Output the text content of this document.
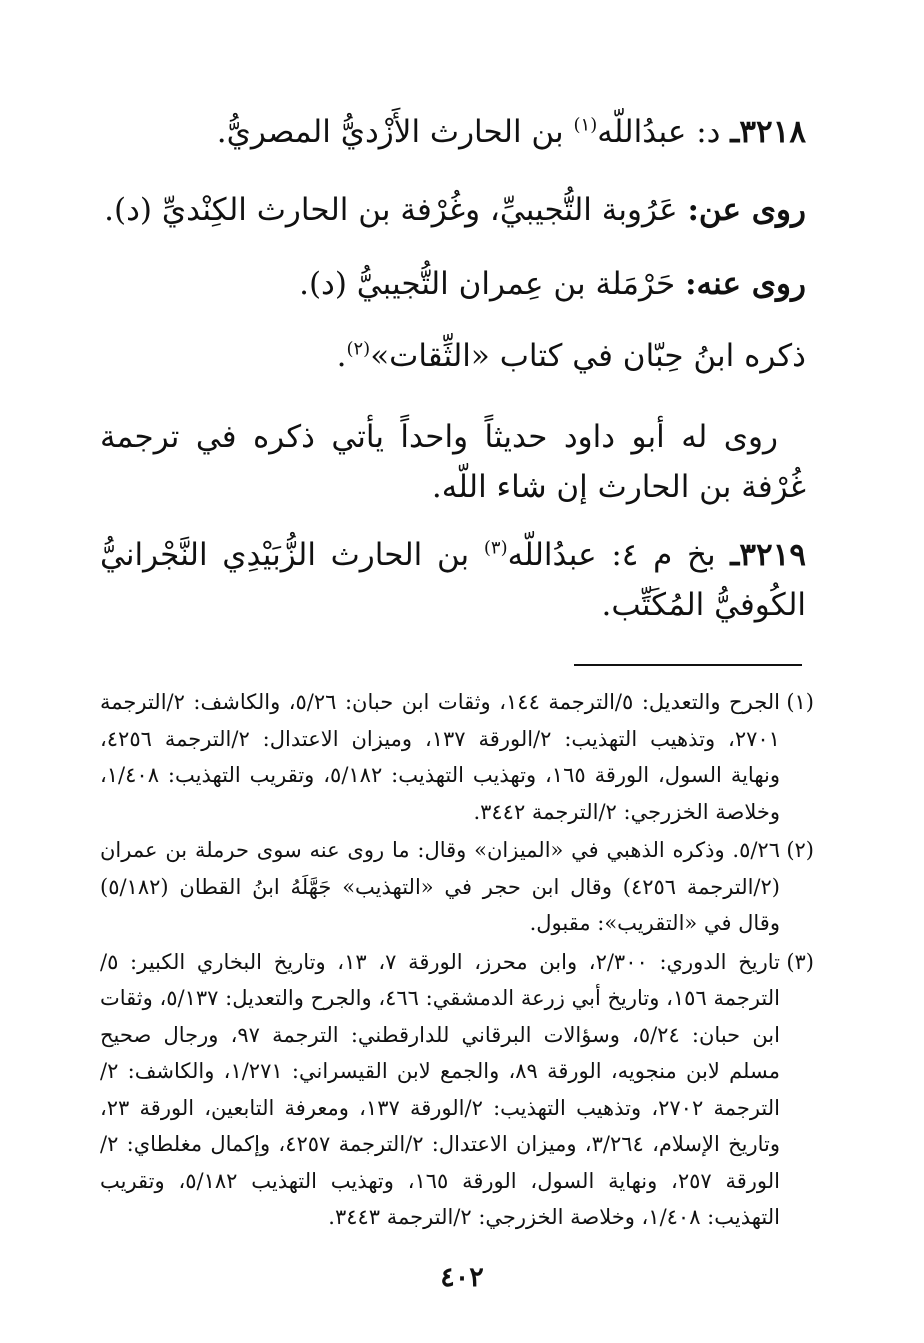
٣٢١٨ـ د: عبدُاللّه$^{(١)}$ بن الحارث الأَزْديُّ المصريُّ.
روى عن: عَرُوبة التُّجيبيِّ، وغُرْفة بن الحارث الكِنْديِّ (د).
روى عنه: حَرْمَلة بن عِمران التُّجيبيُّ (د).
ذكره ابنُ حِبّان في كتاب «الثِّقات»$^{(٢)}$.
روى له أبو داود حديثاً واحداً يأتي ذكره في ترجمة غُرْفة بن الحارث إن شاء اللّه.
٣٢١٩ـ بخ م ٤: عبدُاللّه$^{(٣)}$ بن الحارث الزُّبَيْدِي النَّجْرانيُّ الكُوفيُّ المُكَتِّب.
(١)
الجرح والتعديل: ٥/الترجمة ١٤٤، وثقات ابن حبان: ٥/٢٦، والكاشف: ٢/الترجمة ٢٧٠١، وتذهيب التهذيب: ٢/الورقة ١٣٧، وميزان الاعتدال: ٢/الترجمة ٤٢٥٦، ونهاية السول، الورقة ١٦٥، وتهذيب التهذيب: ٥/١٨٢، وتقريب التهذيب: ١/٤٠٨، وخلاصة الخزرجي: ٢/الترجمة ٣٤٤٢.
(٢)
٥/٢٦. وذكره الذهبي في «الميزان» وقال: ما روى عنه سوى حرملة بن عمران (٢/الترجمة ٤٢٥٦) وقال ابن حجر في «التهذيب» جَهَّلَهُ ابنُ القطان (٥/١٨٢) وقال في «التقريب»: مقبول.
(٣)
تاريخ الدوري: ٢/٣٠٠، وابن محرز، الورقة ٧، ١٣، وتاريخ البخاري الكبير: ٥/الترجمة ١٥٦، وتاريخ أبي زرعة الدمشقي: ٤٦٦، والجرح والتعديل: ٥/١٣٧، وثقات ابن حبان: ٥/٢٤، وسؤالات البرقاني للدارقطني: الترجمة ٩٧، ورجال صحيح مسلم لابن منجويه، الورقة ٨٩، والجمع لابن القيسراني: ١/٢٧١، والكاشف: ٢/الترجمة ٢٧٠٢، وتذهيب التهذيب: ٢/الورقة ١٣٧، ومعرفة التابعين، الورقة ٢٣، وتاريخ الإسلام، ٣/٢٦٤، وميزان الاعتدال: ٢/الترجمة ٤٢٥٧، وإكمال مغلطاي: ٢/الورقة ٢٥٧، ونهاية السول، الورقة ١٦٥، وتهذيب التهذيب ٥/١٨٢، وتقريب التهذيب: ١/٤٠٨، وخلاصة الخزرجي: ٢/الترجمة ٣٤٤٣.
٤٠٢
